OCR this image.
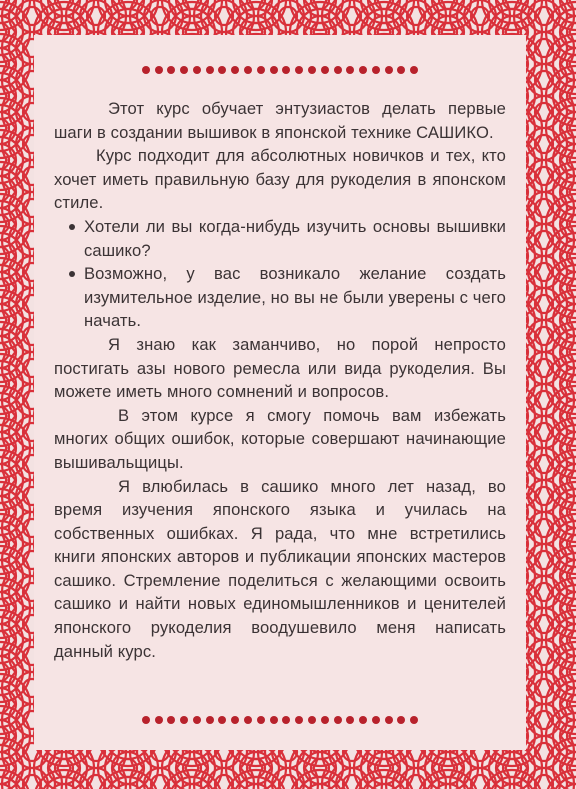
Этот курс обучает энтузиастов делать первые шаги в создании вышивок в японской технике САШИКО.

Курс подходит для абсолютных новичков и тех, кто хочет иметь правильную базу для рукоделия в японском стиле.

Хотели ли вы когда-нибудь изучить основы вышивки сашико?
Возможно, у вас возникало желание создать изумительное изделие, но вы не были уверены с чего начать.

Я знаю как заманчиво, но порой непросто постигать азы нового ремесла или вида рукоделия. Вы можете иметь много сомнений и вопросов.

В этом курсе я смогу помочь вам избежать многих общих ошибок, которые совершают начинающие вышивальщицы.

Я влюбилась в сашико много лет назад, во время изучения японского языка и училась на собственных ошибках. Я рада, что мне встретились книги японских авторов и публикации японских мастеров сашико. Стремление поделиться с желающими освоить сашико и найти новых единомышленников и ценителей японского рукоделия воодушевило меня написать данный курс.
